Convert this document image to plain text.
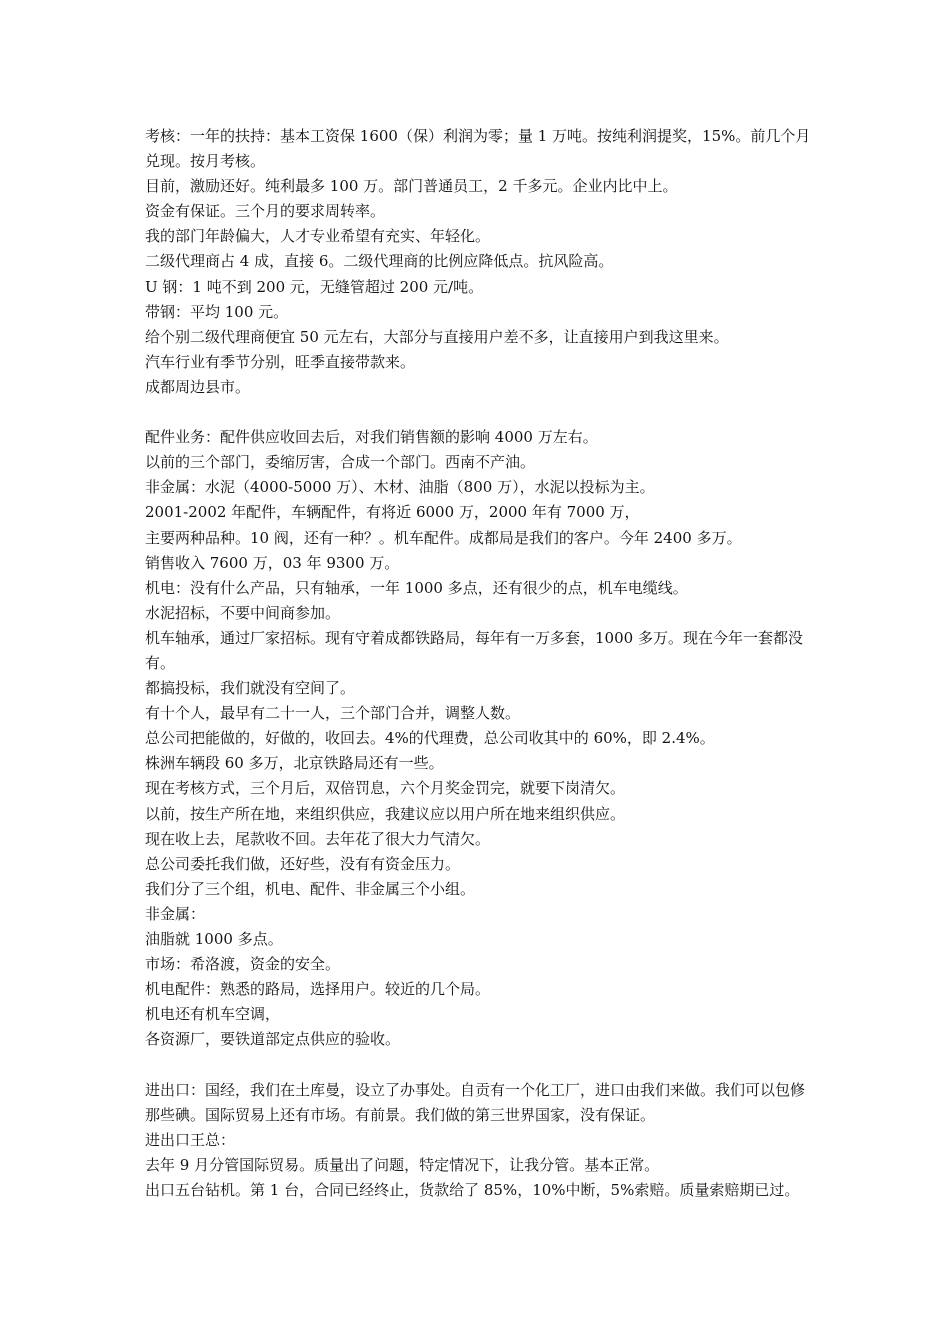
考核：一年的扶持：基本工资保 1600（保）利润为零；量 1 万吨。按纯利润提奖，15%。前几个月兑现。按月考核。

目前，激励还好。纯利最多 100 万。部门普通员工，2 千多元。企业内比中上。

资金有保证。三个月的要求周转率。

我的部门年龄偏大，人才专业希望有充实、年轻化。

二级代理商占 4 成，直接 6。二级代理商的比例应降低点。抗风险高。

U 钢：1 吨不到 200 元，无缝管超过 200 元/吨。

带钢：平均 100 元。

给个别二级代理商便宜 50 元左右，大部分与直接用户差不多，让直接用户到我这里来。

汽车行业有季节分别，旺季直接带款来。

成都周边县市。

配件业务：配件供应收回去后，对我们销售额的影响 4000 万左右。

以前的三个部门，委缩厉害，合成一个部门。西南不产油。

非金属：水泥（4000-5000 万）、木材、油脂（800 万），水泥以投标为主。

2001-2002 年配件，车辆配件，有将近 6000 万，2000 年有 7000 万，

主要两种品种。10 阀，还有一种？。机车配件。成都局是我们的客户。今年 2400 多万。

销售收入 7600 万，03 年 9300 万。

机电：没有什么产品，只有轴承，一年 1000 多点，还有很少的点，机车电缆线。

水泥招标，不要中间商参加。

机车轴承，通过厂家招标。现有守着成都铁路局，每年有一万多套，1000 多万。现在今年一套都没有。

都搞投标，我们就没有空间了。

有十个人，最早有二十一人，三个部门合并，调整人数。

总公司把能做的，好做的，收回去。4%的代理费，总公司收其中的 60%，即 2.4%。

株洲车辆段 60 多万，北京铁路局还有一些。

现在考核方式，三个月后，双倍罚息，六个月奖金罚完，就要下岗清欠。

以前，按生产所在地，来组织供应，我建议应以用户所在地来组织供应。

现在收上去，尾款收不回。去年花了很大力气清欠。

总公司委托我们做，还好些，没有有资金压力。

我们分了三个组，机电、配件、非金属三个小组。

非金属：

油脂就 1000 多点。

市场：希洛渡，资金的安全。

机电配件：熟悉的路局，选择用户。较近的几个局。

机电还有机车空调，

各资源厂，要铁道部定点供应的验收。

进出口：国经，我们在土库曼，设立了办事处。自贡有一个化工厂，进口由我们来做。我们可以包修那些碘。国际贸易上还有市场。有前景。我们做的第三世界国家，没有保证。

进出口王总：

去年 9 月分管国际贸易。质量出了问题，特定情况下，让我分管。基本正常。

出口五台钻机。第 1 台，合同已经终止，货款给了 85%，10%中断，5%索赔。质量索赔期已过。
